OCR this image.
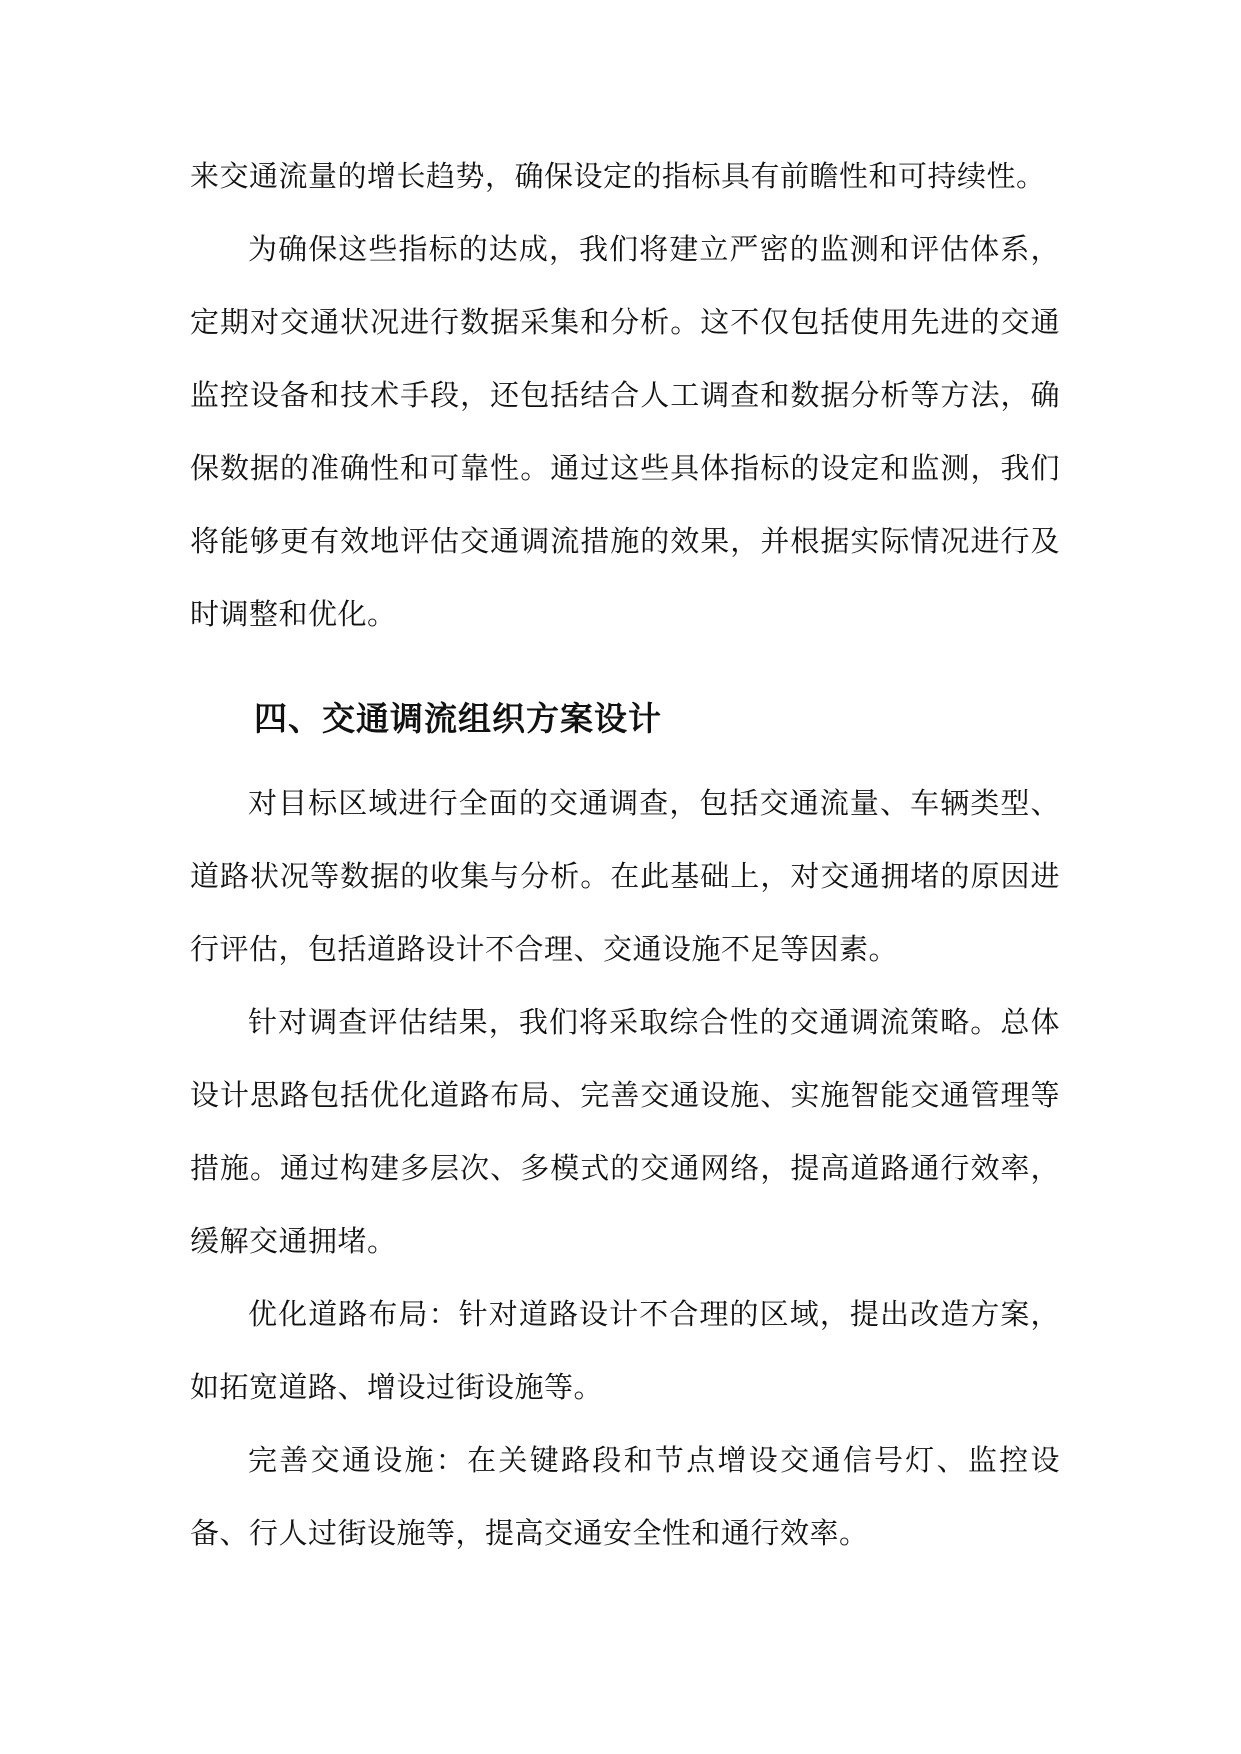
来交通流量的增长趋势，确保设定的指标具有前瞻性和可持续性。

为确保这些指标的达成，我们将建立严密的监测和评估体系，定期对交通状况进行数据采集和分析。这不仅包括使用先进的交通监控设备和技术手段，还包括结合人工调查和数据分析等方法，确保数据的准确性和可靠性。通过这些具体指标的设定和监测，我们将能够更有效地评估交通调流措施的效果，并根据实际情况进行及时调整和优化。

四、交通调流组织方案设计

对目标区域进行全面的交通调查，包括交通流量、车辆类型、道路状况等数据的收集与分析。在此基础上，对交通拥堵的原因进行评估，包括道路设计不合理、交通设施不足等因素。

针对调查评估结果，我们将采取综合性的交通调流策略。总体设计思路包括优化道路布局、完善交通设施、实施智能交通管理等措施。通过构建多层次、多模式的交通网络，提高道路通行效率，缓解交通拥堵。

优化道路布局：针对道路设计不合理的区域，提出改造方案，如拓宽道路、增设过街设施等。

完善交通设施：在关键路段和节点增设交通信号灯、监控设备、行人过街设施等，提高交通安全性和通行效率。
